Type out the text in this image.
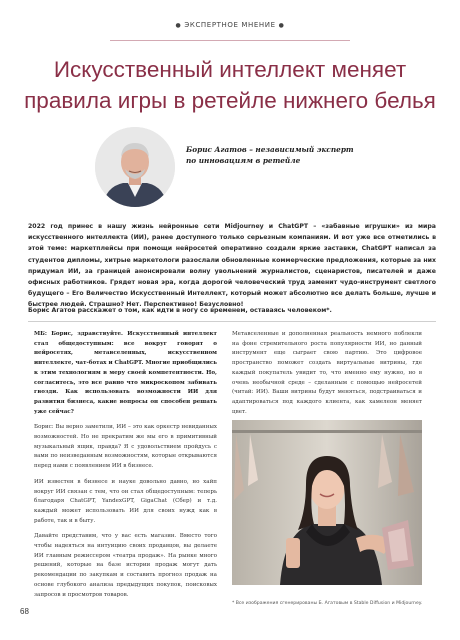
● ЭКСПЕРТНОЕ МНЕНИЕ ●
Искусственный интеллект меняет
правила игры в ретейле нижнего белья
Борис Агатов – независимый эксперт
по инновациям в ретейле
2022 год принес в нашу жизнь нейронные сети Midjourney и ChatGPT – «забавные игрушки» из мира искусственного интеллекта (ИИ), ранее доступного только серьезным компаниям. И вот уже все отметились в этой теме: маркетплейсы при помощи нейросетей оперативно создали яркие заставки, ChatGPT написал за студентов дипломы, хитрые маркетологи разослали обновленные коммерческие предложения, которые за них придумал ИИ, за границей анонсировали волну увольнений журналистов, сценаристов, писателей и даже офисных работников. Грядет новая эра, когда дорогой человеческий труд заменит чудо-инструмент светлого будущего – Его Величество Искусственный Интеллект, который может абсолютно все делать больше, лучше и быстрее людей. Страшно? Нет. Перспективно! Безусловно!
Борис Агатов расскажет о том, как идти в ногу со временем, оставаясь человеком*.

МБ: Борис, здравствуйте. Искусственный интеллект стал общедоступным: все вокруг говорят о нейросетях, метавселенных, искусственном интеллекте, чат-ботах и ChatGPT. Многие приобщились к этим технологиям в меру своей компетентности. Но, согласитесь, это все равно что микроскопом забивать гвозди. Как использовать возможности ИИ для развития бизнеса, какие вопросы он способен решать уже сейчас?

Борис: Вы верно заметили, ИИ – это как оркестр невиданных возможностей. Но не прекратим же мы его в примитивный музыкальный ящик, правда? Я с удовольствием пройдусь с вами по неизведанным возможностям, которые открываются перед нами с появлением ИИ в бизнесе.

ИИ известен в бизнесе и науке довольно давно, но хайп вокруг ИИ связан с тем, что он стал общедоступным: теперь благодаря ChatGPT, YandexGPT, GigaChat (Сбер) и т.д. каждый может использовать ИИ для своих нужд как в работе, так и в быту.

Давайте представим, что у вас есть магазин. Вместо того чтобы надеяться на интуицию своих продавцов, вы делаете ИИ главным режиссером «театра продаж». На рынке много решений, которые на базе истории продаж могут дать рекомендации по закупкам и составить прогноз продаж на основе глубокого анализа предыдущих покупок, поисковых запросов и просмотров товаров.

Метавселенные и дополненная реальность немного поблекли на фоне стремительного роста популярности ИИ, но данный инструмент еще сыграет свою партию. Это цифровое пространство поможет создать виртуальные витрины, где каждый покупатель увидит то, что именно ему нужно, но в очень необычной среде – сделанным с помощью нейросетей (читай: ИИ). Ваши витрины будут меняться, подстраиваться и адаптироваться под каждого клиента, как хамелеон меняет цвет.

* Все изображения сгенерированы Б. Агатовым в Stable Diffusion и Midjourney.
68
